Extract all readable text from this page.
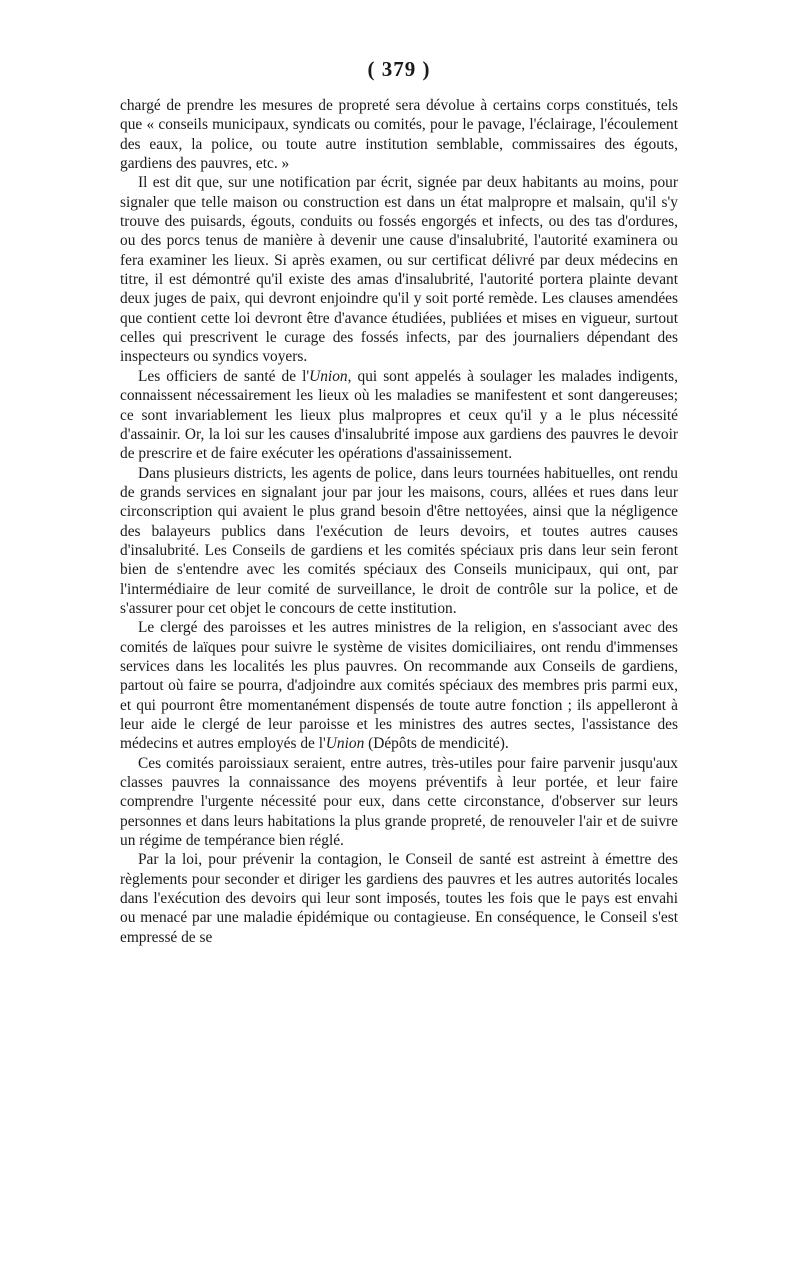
( 379 )

chargé de prendre les mesures de propreté sera dévolue à certains corps constitués, tels que « conseils municipaux, syndicats ou comités, pour le pavage, l'éclairage, l'écoulement des eaux, la police, ou toute autre institution semblable, commissaires des égouts, gardiens des pauvres, etc. »

Il est dit que, sur une notification par écrit, signée par deux habitants au moins, pour signaler que telle maison ou construction est dans un état malpropre et malsain, qu'il s'y trouve des puisards, égouts, conduits ou fossés engorgés et infects, ou des tas d'ordures, ou des porcs tenus de manière à devenir une cause d'insalubrité, l'autorité examinera ou fera examiner les lieux. Si après examen, ou sur certificat délivré par deux médecins en titre, il est démontré qu'il existe des amas d'insalubrité, l'autorité portera plainte devant deux juges de paix, qui devront enjoindre qu'il y soit porté remède. Les clauses amendées que contient cette loi devront être d'avance étudiées, publiées et mises en vigueur, surtout celles qui prescrivent le curage des fossés infects, par des journaliers dépendant des inspecteurs ou syndics voyers.

Les officiers de santé de l'Union, qui sont appelés à soulager les malades indigents, connaissent nécessairement les lieux où les maladies se manifestent et sont dangereuses; ce sont invariablement les lieux plus malpropres et ceux qu'il y a le plus nécessité d'assainir. Or, la loi sur les causes d'insalubrité impose aux gardiens des pauvres le devoir de prescrire et de faire exécuter les opérations d'assainissement.

Dans plusieurs districts, les agents de police, dans leurs tournées habituelles, ont rendu de grands services en signalant jour par jour les maisons, cours, allées et rues dans leur circonscription qui avaient le plus grand besoin d'être nettoyées, ainsi que la négligence des balayeurs publics dans l'exécution de leurs devoirs, et toutes autres causes d'insalubrité. Les Conseils de gardiens et les comités spéciaux pris dans leur sein feront bien de s'entendre avec les comités spéciaux des Conseils municipaux, qui ont, par l'intermédiaire de leur comité de surveillance, le droit de contrôle sur la police, et de s'assurer pour cet objet le concours de cette institution.

Le clergé des paroisses et les autres ministres de la religion, en s'associant avec des comités de laïques pour suivre le système de visites domiciliaires, ont rendu d'immenses services dans les localités les plus pauvres. On recommande aux Conseils de gardiens, partout où faire se pourra, d'adjoindre aux comités spéciaux des membres pris parmi eux, et qui pourront être momentanément dispensés de toute autre fonction ; ils appelleront à leur aide le clergé de leur paroisse et les ministres des autres sectes, l'assistance des médecins et autres employés de l'Union (Dépôts de mendicité).

Ces comités paroissiaux seraient, entre autres, très-utiles pour faire parvenir jusqu'aux classes pauvres la connaissance des moyens préventifs à leur portée, et leur faire comprendre l'urgente nécessité pour eux, dans cette circonstance, d'observer sur leurs personnes et dans leurs habitations la plus grande propreté, de renouveler l'air et de suivre un régime de tempérance bien réglé.

Par la loi, pour prévenir la contagion, le Conseil de santé est astreint à émettre des règlements pour seconder et diriger les gardiens des pauvres et les autres autorités locales dans l'exécution des devoirs qui leur sont imposés, toutes les fois que le pays est envahi ou menacé par une maladie épidémique ou contagieuse. En conséquence, le Conseil s'est empressé de se
